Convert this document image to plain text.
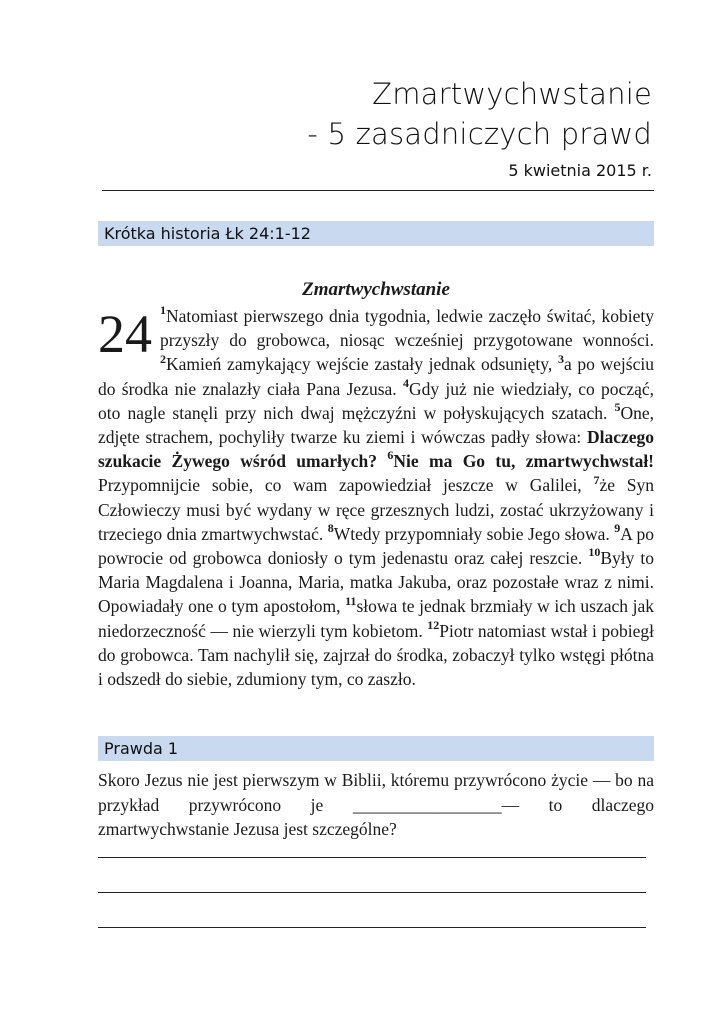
Zmartwychwstanie
- 5 zasadniczych prawd
5 kwietnia 2015 r.
Krótka historia Łk 24:1-12
Zmartwychwstanie
24 $^1$Natomiast pierwszego dnia tygodnia, ledwie zaczęło świtać, kobiety przyszły do grobowca, niosąc wcześniej przygotowane wonności. $^2$Kamień zamykający wejście zastały jednak odsunięty, $^3$a po wejściu do środka nie znalazły ciała Pana Jezusa. $^4$Gdy już nie wiedziały, co począć, oto nagle stanęli przy nich dwaj mężczyźni w połyskujących szatach. $^5$One, zdjęte strachem, pochyliły twarze ku ziemi i wówczas padły słowa: Dlaczego szukacie Żywego wśród umarłych? $^6$Nie ma Go tu, zmartwychwstał! Przypomnijcie sobie, co wam zapowiedział jeszcze w Galilei, $^7$że Syn Człowieczy musi być wydany w ręce grzesznych ludzi, zostać ukrzyżowany i trzeciego dnia zmartwychwstać. $^8$Wtedy przypomniały sobie Jego słowa. $^9$A po powrocie od grobowca doniosły o tym jedenastu oraz całej reszcie. $^{10}$Były to Maria Magdalena i Joanna, Maria, matka Jakuba, oraz pozostałe wraz z nimi. Opowiadały one o tym apostołom, $^{11}$słowa te jednak brzmiały w ich uszach jak niedorzeczność — nie wierzyli tym kobietom. $^{12}$Piotr natomiast wstał i pobiegł do grobowca. Tam nachylił się, zajrzał do środka, zobaczył tylko wstęgi płótna i odszedł do siebie, zdumiony tym, co zaszło.
Prawda 1
Skoro Jezus nie jest pierwszym w Biblii, któremu przywrócono życie — bo na przykład przywrócono je _________________— to dlaczego zmartwychwstanie Jezusa jest szczególne?
